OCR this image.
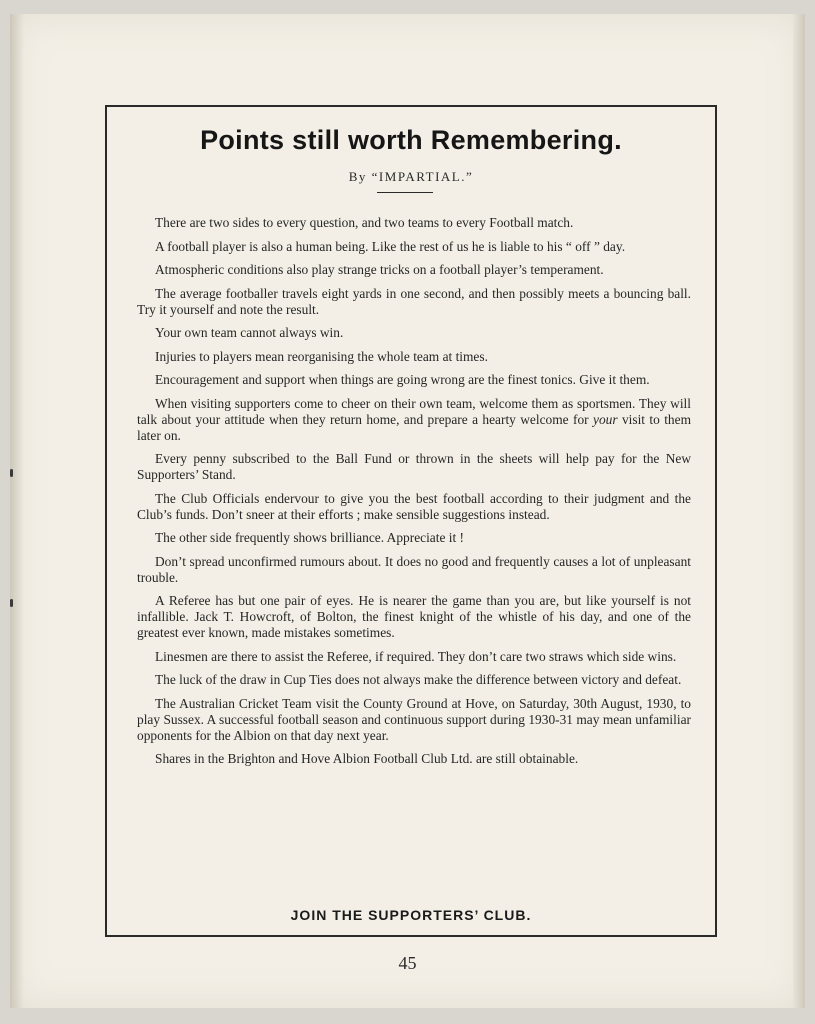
Points still worth Remembering.
By “IMPARTIAL.”

There are two sides to every question, and two teams to every Football match.

A football player is also a human being. Like the rest of us he is liable to his “ off ” day.

Atmospheric conditions also play strange tricks on a football player’s temperament.

The average footballer travels eight yards in one second, and then possibly meets a bouncing ball. Try it yourself and note the result.

Your own team cannot always win.

Injuries to players mean reorganising the whole team at times.

Encouragement and support when things are going wrong are the finest tonics. Give it them.

When visiting supporters come to cheer on their own team, welcome them as sportsmen. They will talk about your attitude when they return home, and prepare a hearty welcome for your visit to them later on.

Every penny subscribed to the Ball Fund or thrown in the sheets will help pay for the New Supporters’ Stand.

The Club Officials endervour to give you the best football according to their judgment and the Club’s funds. Don’t sneer at their efforts ; make sensible suggestions instead.

The other side frequently shows brilliance. Appreciate it !

Don’t spread unconfirmed rumours about. It does no good and frequently causes a lot of unpleasant trouble.

A Referee has but one pair of eyes. He is nearer the game than you are, but like yourself is not infallible. Jack T. Howcroft, of Bolton, the finest knight of the whistle of his day, and one of the greatest ever known, made mistakes sometimes.

Linesmen are there to assist the Referee, if required. They don’t care two straws which side wins.

The luck of the draw in Cup Ties does not always make the difference between victory and defeat.

The Australian Cricket Team visit the County Ground at Hove, on Saturday, 30th August, 1930, to play Sussex. A successful football season and continuous support during 1930-31 may mean unfamiliar opponents for the Albion on that day next year.

Shares in the Brighton and Hove Albion Football Club Ltd. are still obtainable.

JOIN THE SUPPORTERS’ CLUB.
45
